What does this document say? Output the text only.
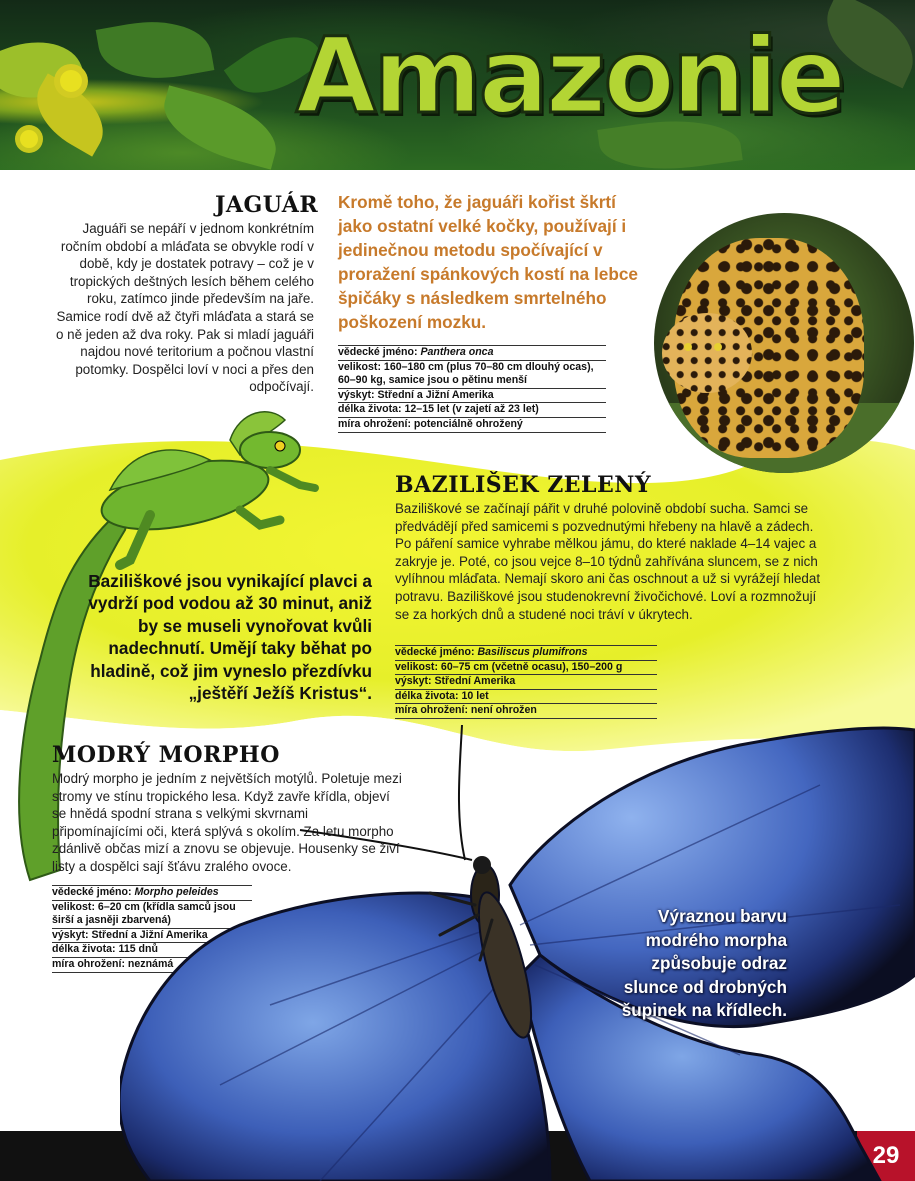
Amazonie
JAGUÁR
Jaguáři se nepáří v jednom konkrétním ročním období a mláďata se obvykle rodí v době, kdy je dostatek potravy – což je v tropických deštných lesích během celého roku, zatímco jinde především na jaře. Samice rodí dvě až čtyři mláďata a stará se o ně jeden až dva roky. Pak si mladí jaguáři najdou nové teritorium a počnou vlastní potomky. Dospělci loví v noci a přes den odpočívají.
Kromě toho, že jaguáři kořist škrtí jako ostatní velké kočky, používají i jedinečnou metodu spočívající v proražení spánkových kostí na lebce špičáky s následkem smrtelného poškození mozku.
vědecké jméno: Panthera onca
velikost: 160–180 cm (plus 70–80 cm dlouhý ocas), 60–90 kg, samice jsou o pětinu menší
výskyt: Střední a Jižní Amerika
délka života: 12–15 let (v zajetí až 23 let)
míra ohrožení: potenciálně ohrožený
Baziliškové jsou vynikající plavci a vydrží pod vodou až 30 minut, aniž by se museli vynořovat kvůli nadechnutí. Umějí taky běhat po hladině, což jim vyneslo přezdívku „ještěří Ježíš Kristus“.
BAZILIŠEK ZELENÝ
Baziliškové se začínají pářit v druhé polovině období sucha. Samci se předvádějí před samicemi s pozvednutými hřebeny na hlavě a zádech. Po páření samice vyhrabe mělkou jámu, do které naklade 4–14 vajec a zakryje je. Poté, co jsou vejce 8–10 týdnů zahřívána sluncem, se z nich vylíhnou mláďata. Nemají skoro ani čas oschnout a už si vyrážejí hledat potravu. Baziliškové jsou studenokrevní živočichové. Loví a rozmnožují se za horkých dnů a studené noci tráví v úkrytech.
vědecké jméno: Basiliscus plumifrons
velikost: 60–75 cm (včetně ocasu), 150–200 g
výskyt: Střední Amerika
délka života: 10 let
míra ohrožení: není ohrožen
MODRÝ MORPHO
Modrý morpho je jedním z největších motýlů. Poletuje mezi stromy ve stínu tropického lesa. Když zavře křídla, objeví se hnědá spodní strana s velkými skvrnami připomínajícími oči, která splývá s okolím. Za letu morpho zdánlivě občas mizí a znovu se objevuje. Housenky se živí listy a dospělci sají šťávu zralého ovoce.
vědecké jméno: Morpho peleides
velikost: 6–20 cm (křídla samců jsou širší a jasněji zbarvená)
výskyt: Střední a Jižní Amerika
délka života: 115 dnů
míra ohrožení: neznámá
29
Výraznou barvu modrého morpha způsobuje odraz slunce od drobných šupinek na křídlech.
